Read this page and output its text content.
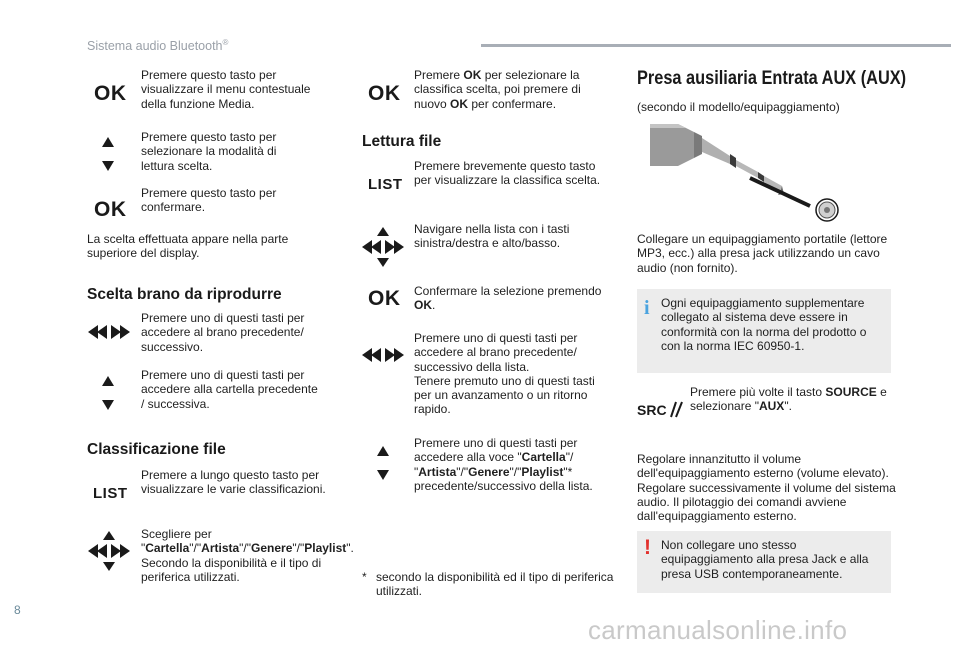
Sistema audio Bluetooth®
OK
Premere questo tasto per visualizzare il menu contestuale della funzione Media.
Premere questo tasto per selezionare la modalità di lettura scelta.
OK
Premere questo tasto per confermare.
La scelta effettuata appare nella parte superiore del display.
Scelta brano da riprodurre
Premere uno di questi tasti per accedere al brano precedente/ successivo.
Premere uno di questi tasti per accedere alla cartella precedente / successiva.
Classificazione file
LIST
Premere a lungo questo tasto per visualizzare le varie classificazioni.
Scegliere per "Cartella"/"Artista"/"Genere"/"Playlist".
Secondo la disponibilità e il tipo di periferica utilizzati.
OK
Premere OK per selezionare la classifica scelta, poi premere di nuovo OK per confermare.
Lettura file
LIST
Premere brevemente questo tasto per visualizzare la classifica scelta.
Navigare nella lista con i tasti sinistra/destra e alto/basso.
OK Confermare la selezione premendo OK.
Premere uno di questi tasti per accedere al brano precedente/ successivo della lista.
Tenere premuto uno di questi tasti per un avanzamento o un ritorno rapido.
Premere uno di questi tasti per accedere alla voce "Cartella"/ "Artista"/"Genere"/"Playlist"* precedente/successivo della lista.
* secondo la disponibilità ed il tipo di periferica utilizzati.
Presa ausiliaria Entrata AUX (AUX)
(secondo il modello/equipaggiamento)
Collegare un equipaggiamento portatile (lettore MP3, ecc.) alla presa jack utilizzando un cavo audio (non fornito).
i Ogni equipaggiamento supplementare collegato al sistema deve essere in conformità con la norma del prodotto o con la norma IEC 60950-1.
SRC
Premere più volte il tasto SOURCE e selezionare "AUX".
Regolare innanzitutto il volume dell'equipaggiamento esterno (volume elevato). Regolare successivamente il volume del sistema audio. Il pilotaggio dei comandi avviene dall'equipaggiamento esterno.
! Non collegare uno stesso equipaggiamento alla presa Jack e alla presa USB contemporaneamente.
8
carmanualsonline.info
